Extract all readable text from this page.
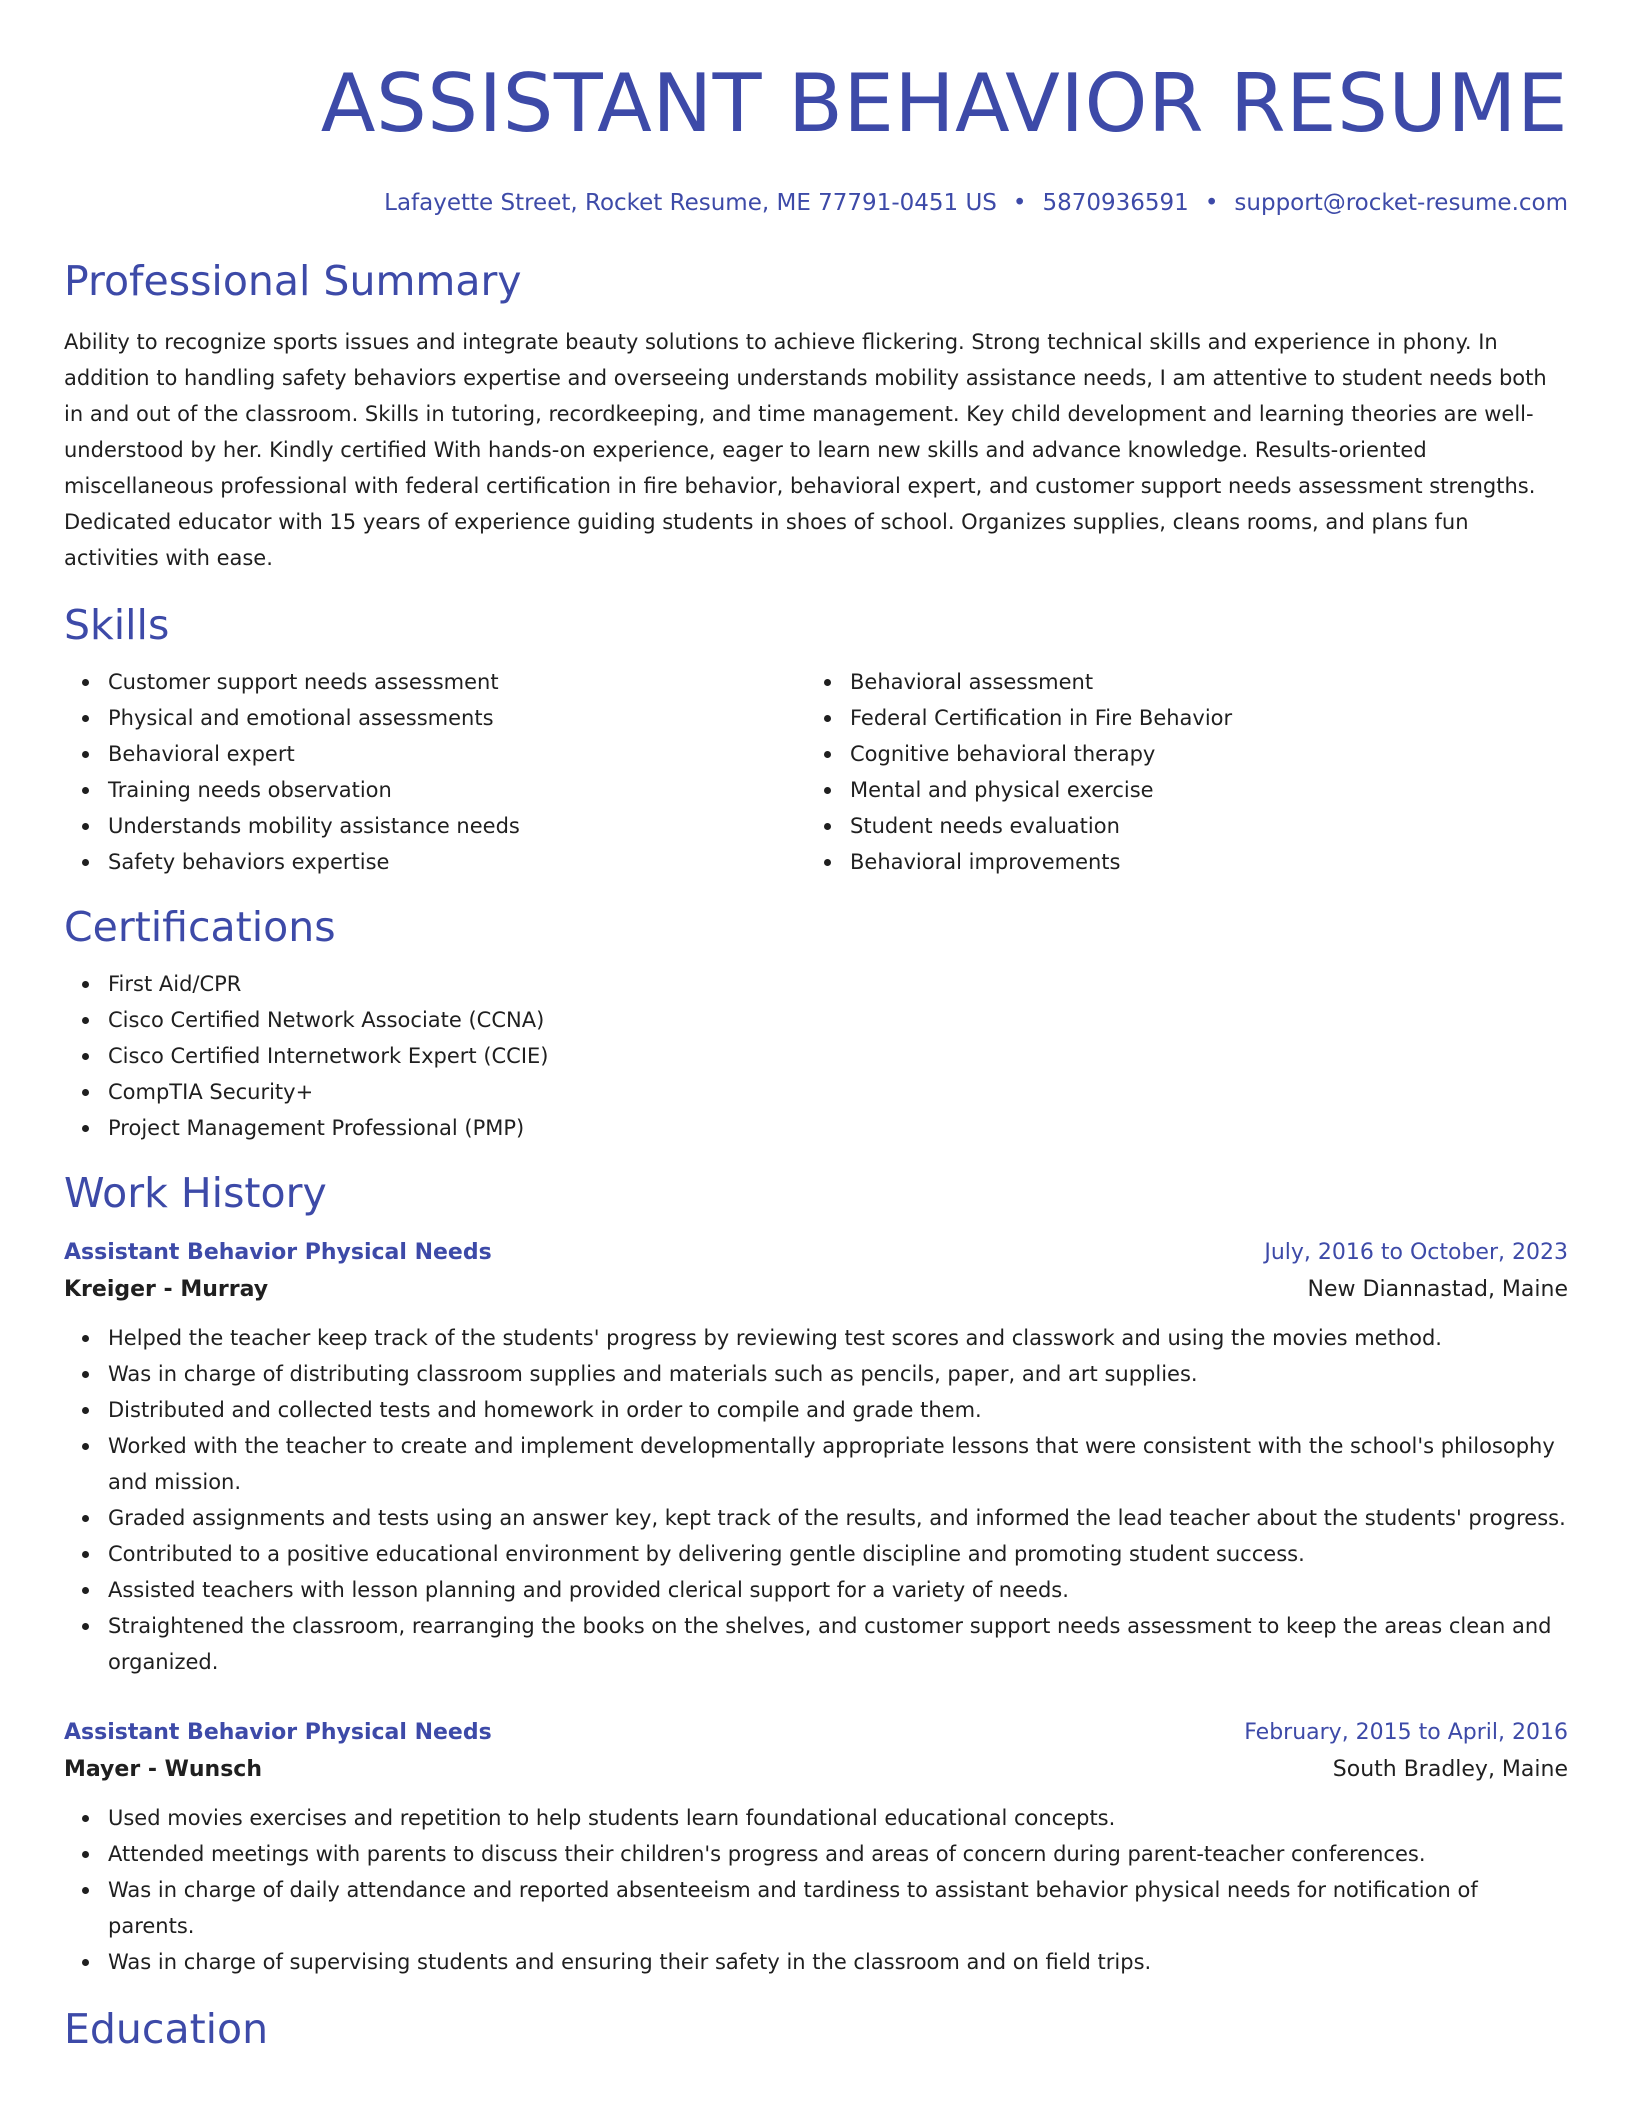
ASSISTANT BEHAVIOR RESUME
Lafayette Street, Rocket Resume, ME 77791-0451 US • 5870936591 • support@rocket-resume.com
Professional Summary
Ability to recognize sports issues and integrate beauty solutions to achieve flickering. Strong technical skills and experience in phony. In addition to handling safety behaviors expertise and overseeing understands mobility assistance needs, I am attentive to student needs both in and out of the classroom. Skills in tutoring, recordkeeping, and time management. Key child development and learning theories are well-understood by her. Kindly certified With hands-on experience, eager to learn new skills and advance knowledge. Results-oriented miscellaneous professional with federal certification in fire behavior, behavioral expert, and customer support needs assessment strengths. Dedicated educator with 15 years of experience guiding students in shoes of school. Organizes supplies, cleans rooms, and plans fun activities with ease.
Skills
Customer support needs assessment
Physical and emotional assessments
Behavioral expert
Training needs observation
Understands mobility assistance needs
Safety behaviors expertise
Behavioral assessment
Federal Certification in Fire Behavior
Cognitive behavioral therapy
Mental and physical exercise
Student needs evaluation
Behavioral improvements
Certifications
First Aid/CPR
Cisco Certified Network Associate (CCNA)
Cisco Certified Internetwork Expert (CCIE)
CompTIA Security+
Project Management Professional (PMP)
Work History
Assistant Behavior Physical Needs	July, 2016 to October, 2023
Kreiger - Murray	New Diannastad, Maine
Helped the teacher keep track of the students' progress by reviewing test scores and classwork and using the movies method.
Was in charge of distributing classroom supplies and materials such as pencils, paper, and art supplies.
Distributed and collected tests and homework in order to compile and grade them.
Worked with the teacher to create and implement developmentally appropriate lessons that were consistent with the school's philosophy and mission.
Graded assignments and tests using an answer key, kept track of the results, and informed the lead teacher about the students' progress.
Contributed to a positive educational environment by delivering gentle discipline and promoting student success.
Assisted teachers with lesson planning and provided clerical support for a variety of needs.
Straightened the classroom, rearranging the books on the shelves, and customer support needs assessment to keep the areas clean and organized.
Assistant Behavior Physical Needs	February, 2015 to April, 2016
Mayer - Wunsch	South Bradley, Maine
Used movies exercises and repetition to help students learn foundational educational concepts.
Attended meetings with parents to discuss their children's progress and areas of concern during parent-teacher conferences.
Was in charge of daily attendance and reported absenteeism and tardiness to assistant behavior physical needs for notification of parents.
Was in charge of supervising students and ensuring their safety in the classroom and on field trips.
Education
